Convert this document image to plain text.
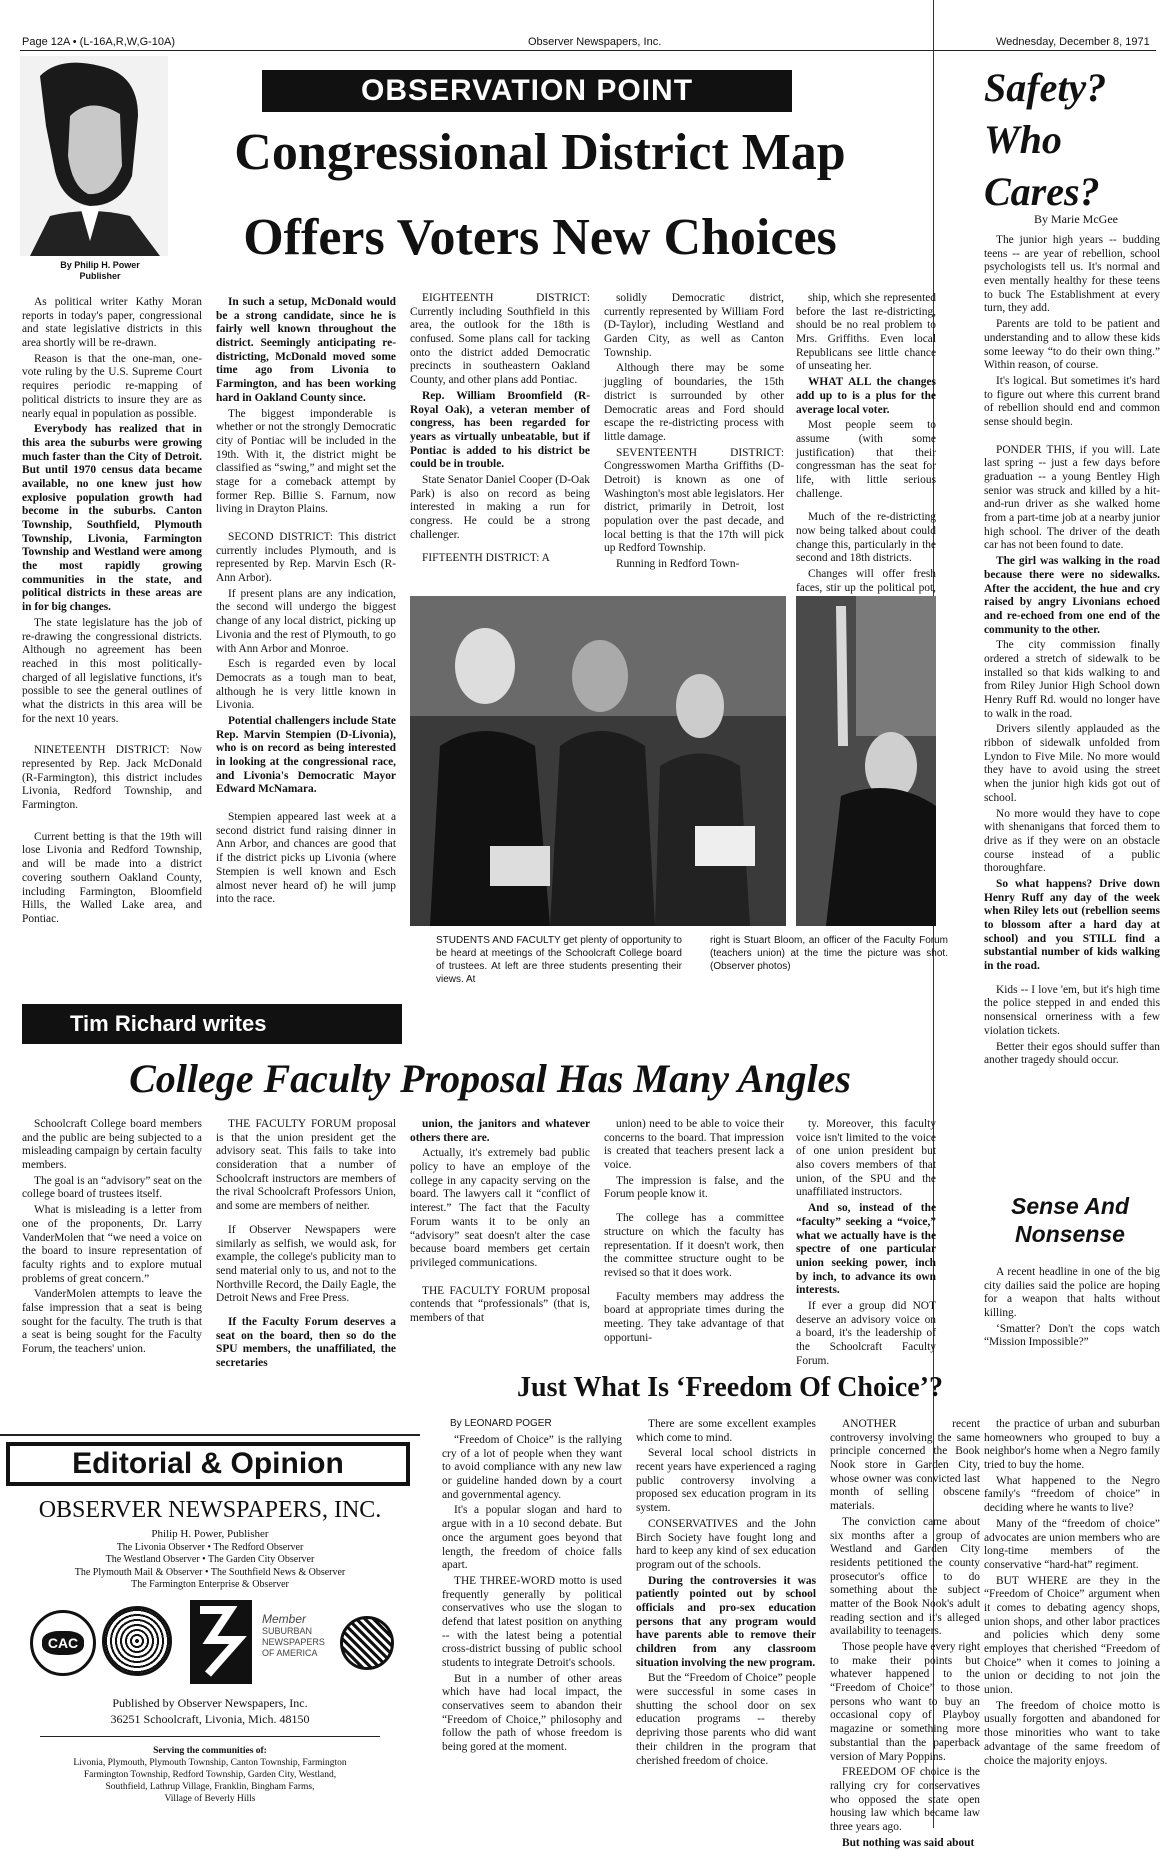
Page 12A • (L-16A,R,W,G-10A)	Observer Newspapers, Inc.	Wednesday, December 8, 1971
By Philip H. Power
Publisher
OBSERVATION POINT
Congressional District Map
Offers Voters New Choices

As political writer Kathy Moran reports in today's paper, congressional and state legislative districts in this area shortly will be re-drawn.

Reason is that the one-man, one-vote ruling by the U.S. Supreme Court requires periodic re-mapping of political districts to insure they are as nearly equal in population as possible.

Everybody has realized that in this area the suburbs were growing much faster than the City of Detroit. But until 1970 census data became available, no one knew just how explosive population growth had become in the suburbs. Canton Township, Southfield, Plymouth Township, Livonia, Farmington Township and Westland were among the most rapidly growing communities in the state, and political districts in these areas are in for big changes.

The state legislature has the job of re-drawing the congressional districts. Although no agreement has been reached in this most politically-charged of all legislative functions, it's possible to see the general outlines of what the districts in this area will be for the next 10 years.

NINETEENTH DISTRICT: Now represented by Rep. Jack McDonald (R-Farmington), this district includes Livonia, Redford Township, and Farmington.

Current betting is that the 19th will lose Livonia and Redford Township, and will be made into a district covering southern Oakland County, including Farmington, Bloomfield Hills, the Walled Lake area, and Pontiac.

In such a setup, McDonald would be a strong candidate, since he is fairly well known throughout the district. Seemingly anticipating re-districting, McDonald moved some time ago from Livonia to Farmington, and has been working hard in Oakland County since.

The biggest imponderable is whether or not the strongly Democratic city of Pontiac will be included in the 19th. With it, the district might be classified as “swing,” and might set the stage for a comeback attempt by former Rep. Billie S. Farnum, now living in Drayton Plains.

SECOND DISTRICT: This district currently includes Plymouth, and is represented by Rep. Marvin Esch (R-Ann Arbor).

If present plans are any indication, the second will undergo the biggest change of any local district, picking up Livonia and the rest of Plymouth, to go with Ann Arbor and Monroe.

Esch is regarded even by local Democrats as a tough man to beat, although he is very little known in Livonia.

Potential challengers include State Rep. Marvin Stempien (D-Livonia), who is on record as being interested in looking at the congressional race, and Livonia's Democratic Mayor Edward McNamara.

Stempien appeared last week at a second district fund raising dinner in Ann Arbor, and chances are good that if the district picks up Livonia (where Stempien is well known and Esch almost never heard of) he will jump into the race.

EIGHTEENTH DISTRICT: Currently including Southfield in this area, the outlook for the 18th is confused. Some plans call for tacking onto the district added Democratic precincts in southeastern Oakland County, and other plans add Pontiac.

Rep. William Broomfield (R-Royal Oak), a veteran member of congress, has been regarded for years as virtually unbeatable, but if Pontiac is added to his district be could be in trouble.

State Senator Daniel Cooper (D-Oak Park) is also on record as being interested in making a run for congress. He could be a strong challenger.

FIFTEENTH DISTRICT: A

solidly Democratic district, currently represented by William Ford (D-Taylor), including Westland and Garden City, as well as Canton Township.

Although there may be some juggling of boundaries, the 15th district is surrounded by other Democratic areas and Ford should escape the re-districting process with little damage.

SEVENTEENTH DISTRICT: Congresswomen Martha Griffiths (D-Detroit) is known as one of Washington's most able legislators. Her district, primarily in Detroit, lost population over the past decade, and local betting is that the 17th will pick up Redford Township.

Running in Redford Town-

ship, which she represented before the last re-districting, should be no real problem to Mrs. Griffiths. Even local Republicans see little chance of unseating her.

WHAT ALL the changes add up to is a plus for the average local voter.

Most people seem to assume (with some justification) that their congressman has the seat for life, with little serious challenge.

Much of the re-districting now being talked about could change this, particularly in the second and 18th districts.

Changes will offer fresh faces, stir up the political pot,

STUDENTS AND FACULTY get plenty of opportunity to be heard at meetings of the Schoolcraft College board of trustees. At left are three students presenting their views. At
right is Stuart Bloom, an officer of the Faculty Forum (teachers union) at the time the picture was shot. (Observer photos)
Safety?
Who
Cares?
By Marie McGee

The junior high years -- budding teens -- are year of rebellion, school psychologists tell us. It's normal and even mentally healthy for these teens to buck The Establishment at every turn, they add.

Parents are told to be patient and understanding and to allow these kids some leeway “to do their own thing.” Within reason, of course.

It's logical. But sometimes it's hard to figure out where this current brand of rebellion should end and common sense should begin.

PONDER THIS, if you will. Late last spring -- just a few days before graduation -- a young Bentley High senior was struck and killed by a hit-and-run driver as she walked home from a part-time job at a nearby junior high school. The driver of the death car has not been found to date.

The girl was walking in the road because there were no sidewalks. After the accident, the hue and cry raised by angry Livonians echoed and re-echoed from one end of the community to the other.

The city commission finally ordered a stretch of sidewalk to be installed so that kids walking to and from Riley Junior High School down Henry Ruff Rd. would no longer have to walk in the road.

Drivers silently applauded as the ribbon of sidewalk unfolded from Lyndon to Five Mile. No more would they have to avoid using the street when the junior high kids got out of school.

No more would they have to cope with shenanigans that forced them to drive as if they were on an obstacle course instead of a public thoroughfare.

So what happens? Drive down Henry Ruff any day of the week when Riley lets out (rebellion seems to blossom after a hard day at school) and you STILL find a substantial number of kids walking in the road.

Kids -- I love 'em, but it's high time the police stepped in and ended this nonsensical orneriness with a few violation tickets.

Better their egos should suffer than another tragedy should occur.

Sense And
Nonsense

A recent headline in one of the big city dailies said the police are hoping for a weapon that halts without killing.

‘Smatter? Don't the cops watch “Mission Impossible?”

Tim Richard writes
College Faculty Proposal Has Many Angles

Schoolcraft College board members and the public are being subjected to a misleading campaign by certain faculty members.

The goal is an “advisory” seat on the college board of trustees itself.

What is misleading is a letter from one of the proponents, Dr. Larry VanderMolen that “we need a voice on the board to insure representation of faculty rights and to explore mutual problems of great concern.”

VanderMolen attempts to leave the false impression that a seat is being sought for the faculty. The truth is that a seat is being sought for the Faculty Forum, the teachers' union.

THE FACULTY FORUM proposal is that the union president get the advisory seat. This fails to take into consideration that a number of Schoolcraft instructors are members of the rival Schoolcraft Professors Union, and some are members of neither.

If Observer Newspapers were similarly as selfish, we would ask, for example, the college's publicity man to send material only to us, and not to the Northville Record, the Daily Eagle, the Detroit News and Free Press.

If the Faculty Forum deserves a seat on the board, then so do the SPU members, the unaffiliated, the secretaries

union, the janitors and whatever others there are.

Actually, it's extremely bad public policy to have an employe of the college in any capacity serving on the board. The lawyers call it “conflict of interest.” The fact that the Faculty Forum wants it to be only an “advisory” seat doesn't alter the case because board members get certain privileged communications.

THE FACULTY FORUM proposal contends that “professionals” (that is, members of that

union) need to be able to voice their concerns to the board. That impression is created that teachers present lack a voice.

The impression is false, and the Forum people know it.

The college has a committee structure on which the faculty has representation. If it doesn't work, then the committee structure ought to be revised so that it does work.

Faculty members may address the board at appropriate times during the meeting. They take advantage of that opportuni-

ty. Moreover, this faculty voice isn't limited to the voice of one union president but also covers members of that union, of the SPU and the unaffiliated instructors.

And so, instead of the “faculty” seeking a “voice,” what we actually have is the spectre of one particular union seeking power, inch by inch, to advance its own interests.

If ever a group did NOT deserve an advisory voice on a board, it's the leadership of the Schoolcraft Faculty Forum.

Editorial & Opinion
OBSERVER NEWSPAPERS, INC.
Philip H. Power, Publisher
The Livonia Observer • The Redford Observer
The Westland Observer • The Garden City Observer
The Plymouth Mail & Observer • The Southfield News & Observer
The Farmington Enterprise & Observer
CAC
Member
SUBURBAN
NEWSPAPERS
OF AMERICA
Published by Observer Newspapers, Inc.
36251 Schoolcraft, Livonia, Mich. 48150
Serving the communities of:
Livonia, Plymouth, Plymouth Township, Canton Township, Farmington
Farmington Township, Redford Township, Garden City, Westland,
Southfield, Lathrup Village, Franklin, Bingham Farms,
Village of Beverly Hills
Just What Is ‘Freedom Of Choice’?
By LEONARD POGER

“Freedom of Choice” is the rallying cry of a lot of people when they want to avoid compliance with any new law or guideline handed down by a court and governmental agency.

It's a popular slogan and hard to argue with in a 10 second debate. But once the argument goes beyond that length, the freedom of choice falls apart.

THE THREE-WORD motto is used frequently generally by political conservatives who use the slogan to defend that latest position on anything -- with the latest being a potential cross-district bussing of public school students to integrate Detroit's schools.

But in a number of other areas which have had local impact, the conservatives seem to abandon their “Freedom of Choice,” philosophy and follow the path of whose freedom is being gored at the moment.

There are some excellent examples which come to mind.

Several local school districts in recent years have experienced a raging public controversy involving a proposed sex education program in its system.

CONSERVATIVES and the John Birch Society have fought long and hard to keep any kind of sex education program out of the schools.

During the controversies it was patiently pointed out by school officials and pro-sex education persons that any program would have parents able to remove their children from any classroom situation involving the new program.

But the “Freedom of Choice” people were successful in some cases in shutting the school door on sex education programs -- thereby depriving those parents who did want their children in the program that cherished freedom of choice.

ANOTHER recent controversy involving the same principle concerned the Book Nook store in Garden City, whose owner was convicted last month of selling obscene materials.

The conviction came about six months after a group of Westland and Garden City residents petitioned the county prosecutor's office to do something about the subject matter of the Book Nook's adult reading section and it's alleged availability to teenagers.

Those people have every right to make their points but whatever happened to the “Freedom of Choice” to those persons who want to buy an occasional copy of Playboy magazine or something more substantial than the paperback version of Mary Poppins.

FREEDOM OF choice is the rallying cry for conservatives who opposed the state open housing law which became law three years ago.

But nothing was said about

the practice of urban and suburban homeowners who grouped to buy a neighbor's home when a Negro family tried to buy the home.

What happened to the Negro family's “freedom of choice” in deciding where he wants to live?

Many of the “freedom of choice” advocates are union members who are long-time members of the conservative “hard-hat” regiment.

BUT WHERE are they in the “Freedom of Choice” argument when it comes to debating agency shops, union shops, and other labor practices and policies which deny some employes that cherished “Freedom of Choice” when it comes to joining a union or deciding to not join the union.

The freedom of choice motto is usually forgotten and abandoned for those minorities who want to take advantage of the same freedom of choice the majority enjoys.
